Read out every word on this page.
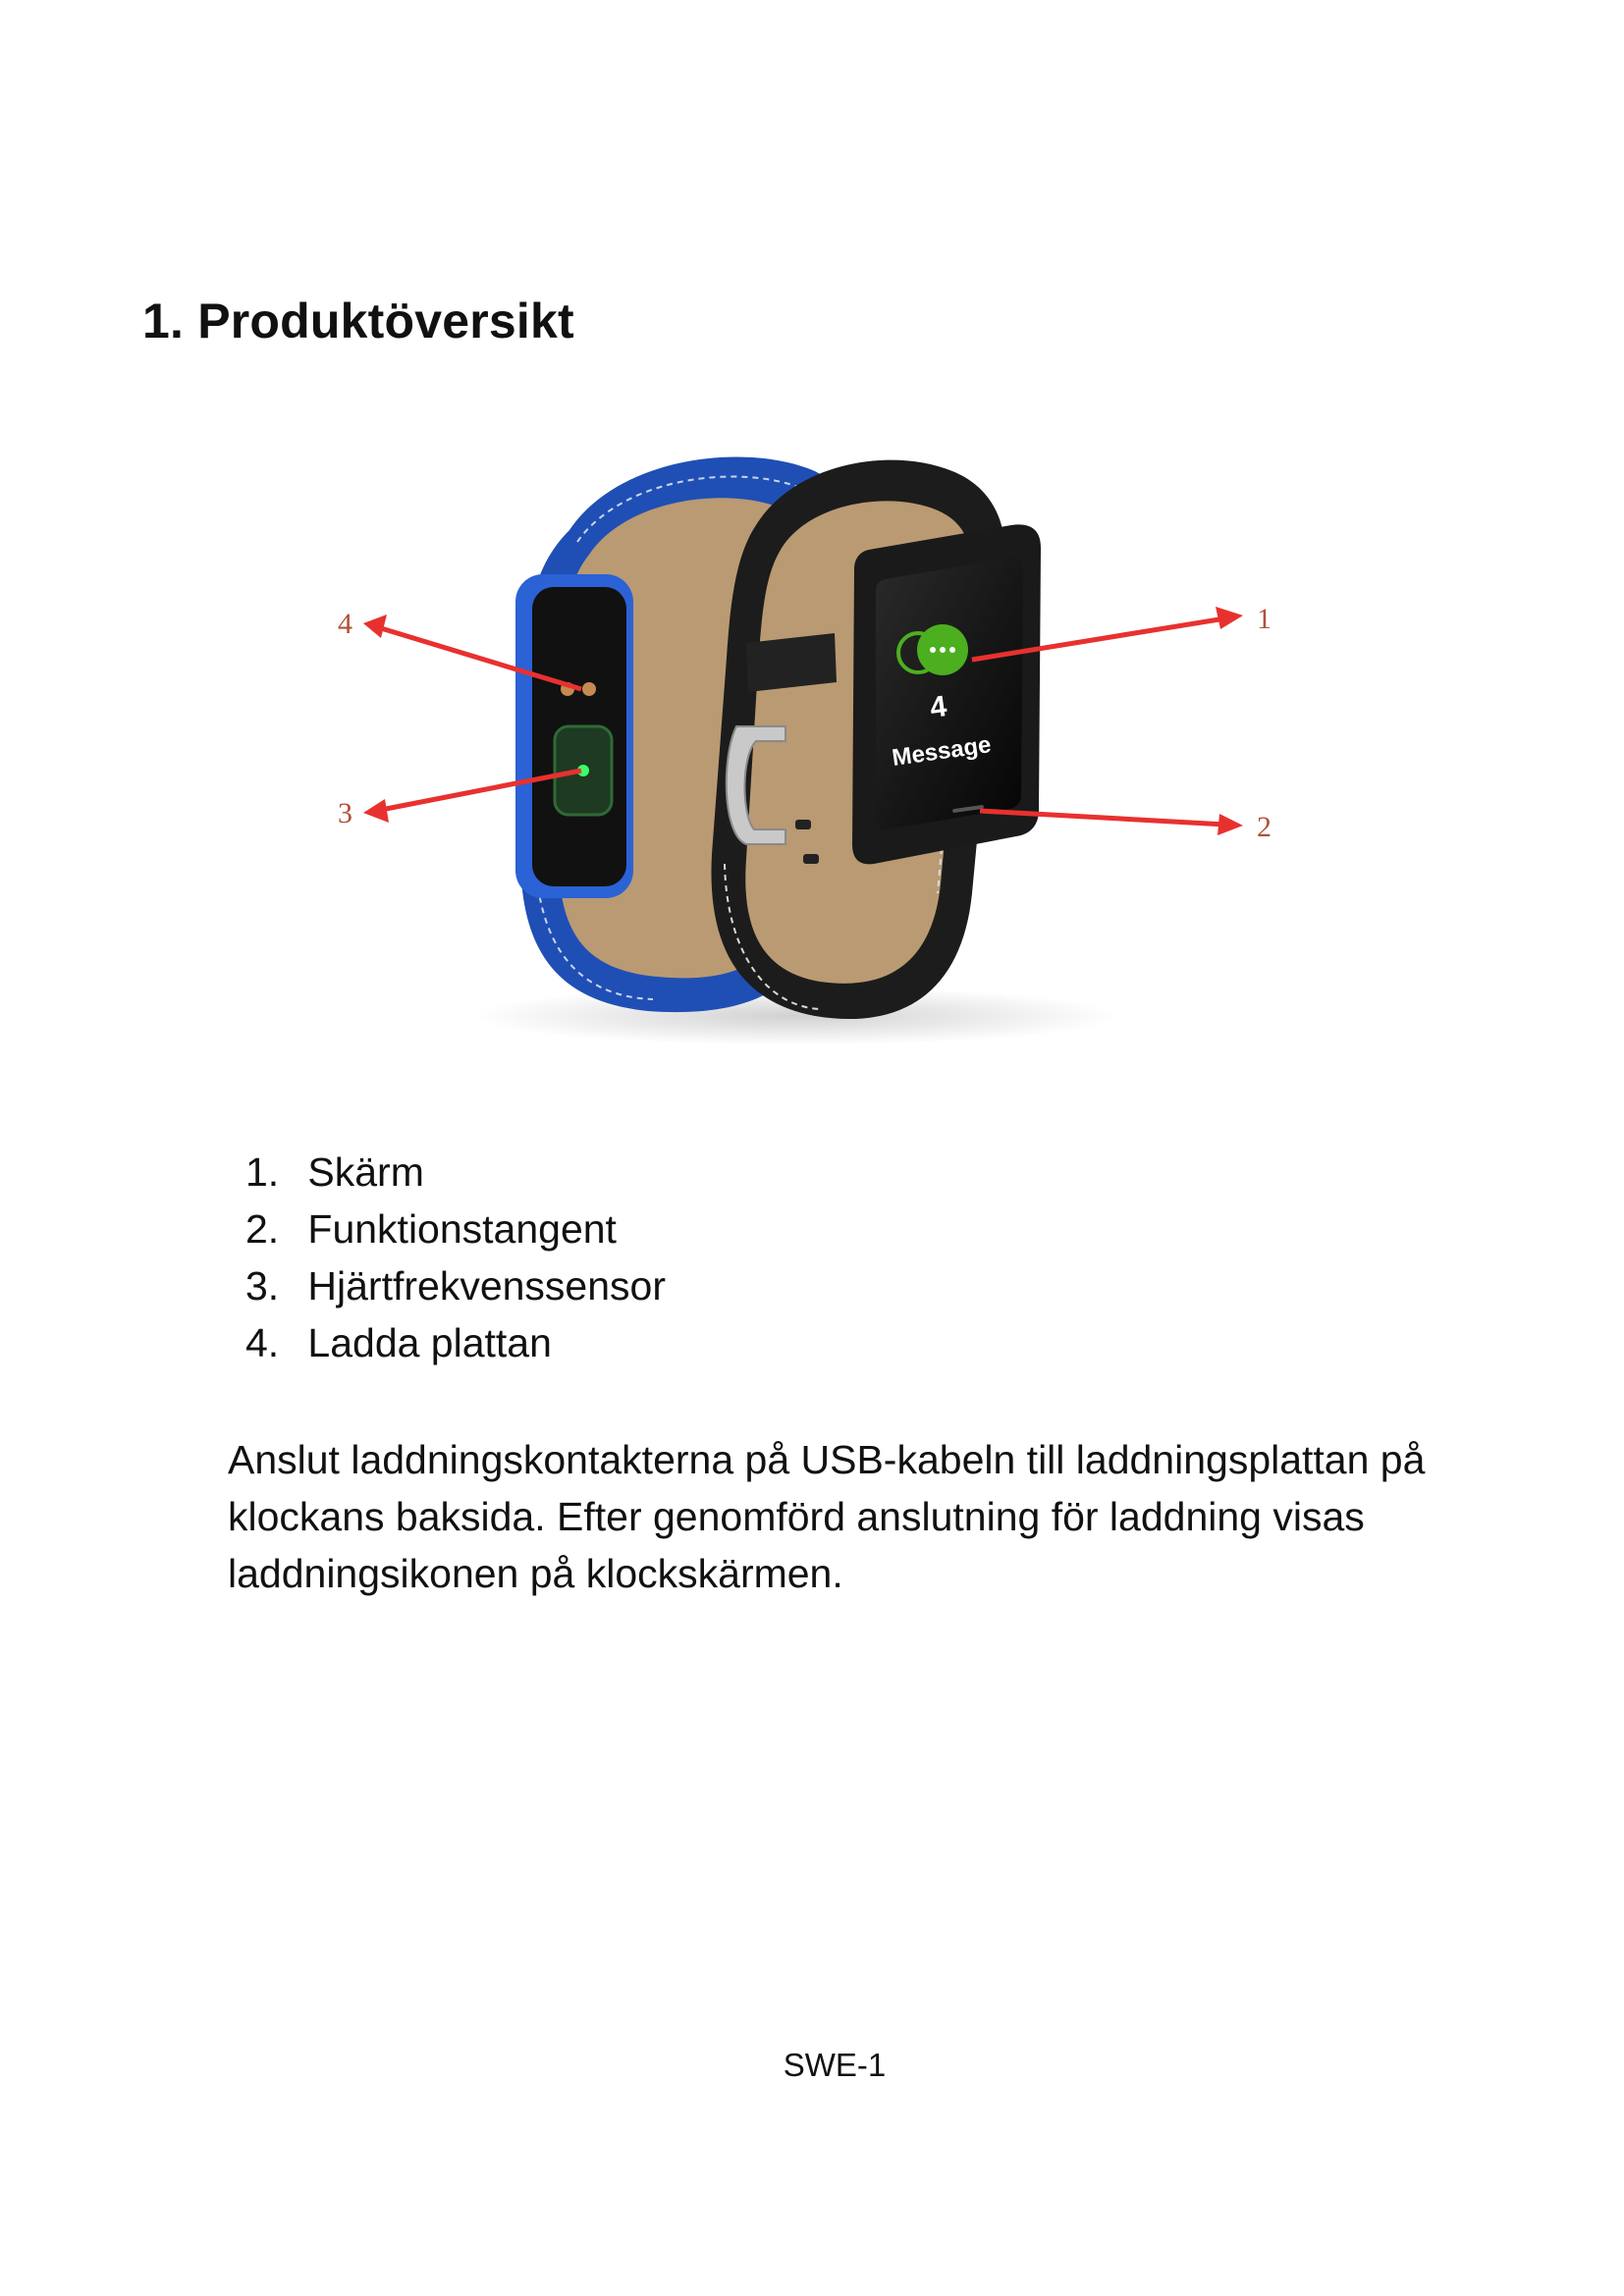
1. Produktöversikt
4
Message
1
2
3
4
1. Skärm
2. Funktionstangent
3. Hjärtfrekvenssensor
4. Ladda plattan

Anslut laddningskontakterna på USB-kabeln till laddningsplattan på klockans baksida. Efter genomförd anslutning för laddning visas laddningsikonen på klockskärmen.

SWE-1
